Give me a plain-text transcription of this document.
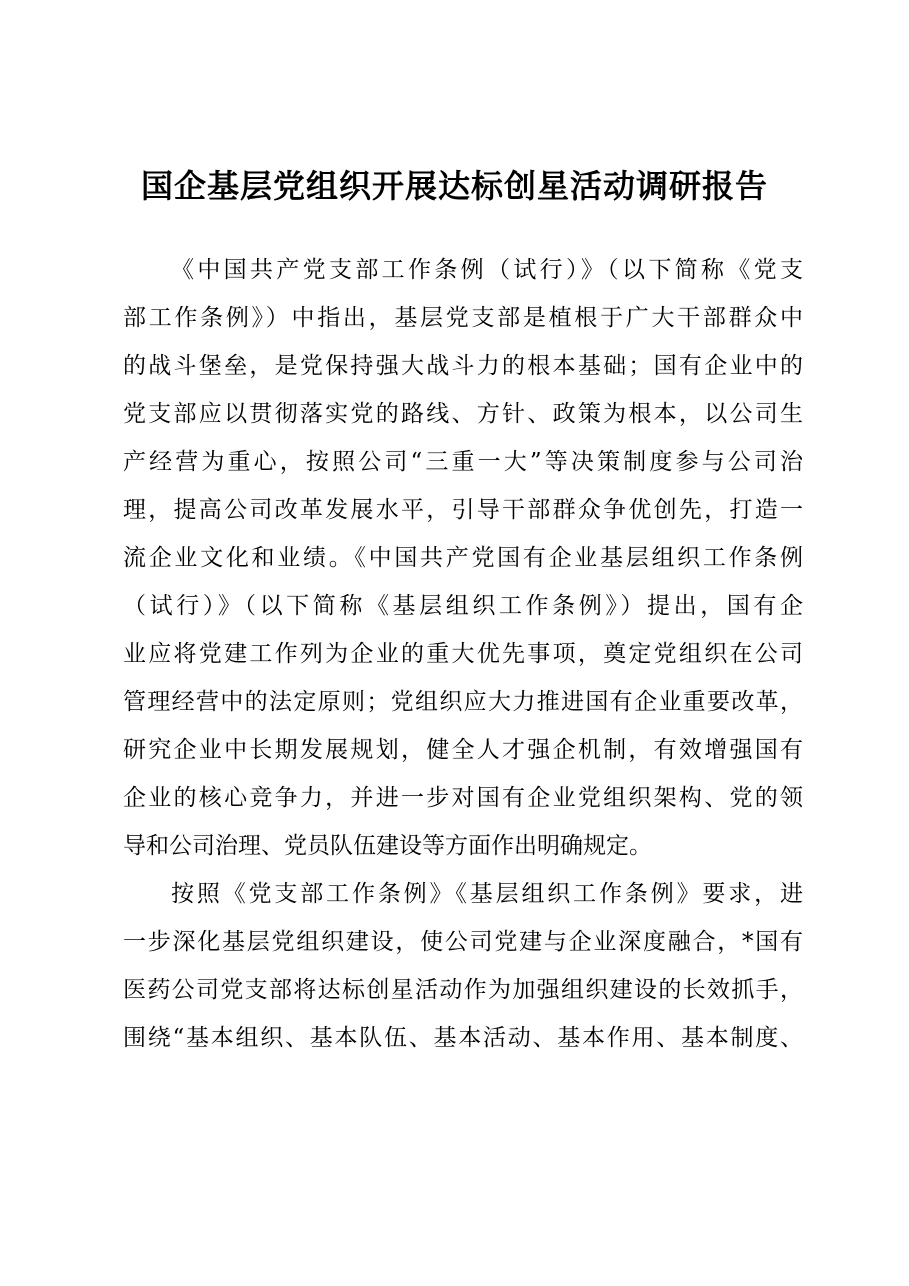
国企基层党组织开展达标创星活动调研报告
《中国共产党支部工作条例（试行）》（以下简称《党支
部工作条例》）中指出，基层党支部是植根于广大干部群众中
的战斗堡垒，是党保持强大战斗力的根本基础；国有企业中的
党支部应以贯彻落实党的路线、方针、政策为根本，以公司生
产经营为重心，按照公司“三重一大”等决策制度参与公司治
理，提高公司改革发展水平，引导干部群众争优创先，打造一
流企业文化和业绩。《中国共产党国有企业基层组织工作条例
（试行）》（以下简称《基层组织工作条例》）提出，国有企
业应将党建工作列为企业的重大优先事项，奠定党组织在公司
管理经营中的法定原则；党组织应大力推进国有企业重要改革，
研究企业中长期发展规划，健全人才强企机制，有效增强国有
企业的核心竞争力，并进一步对国有企业党组织架构、党的领
导和公司治理、党员队伍建设等方面作出明确规定。
按照《党支部工作条例》《基层组织工作条例》要求，进
一步深化基层党组织建设，使公司党建与企业深度融合，*国有
医药公司党支部将达标创星活动作为加强组织建设的长效抓手，
围绕“基本组织、基本队伍、基本活动、基本作用、基本制度、
